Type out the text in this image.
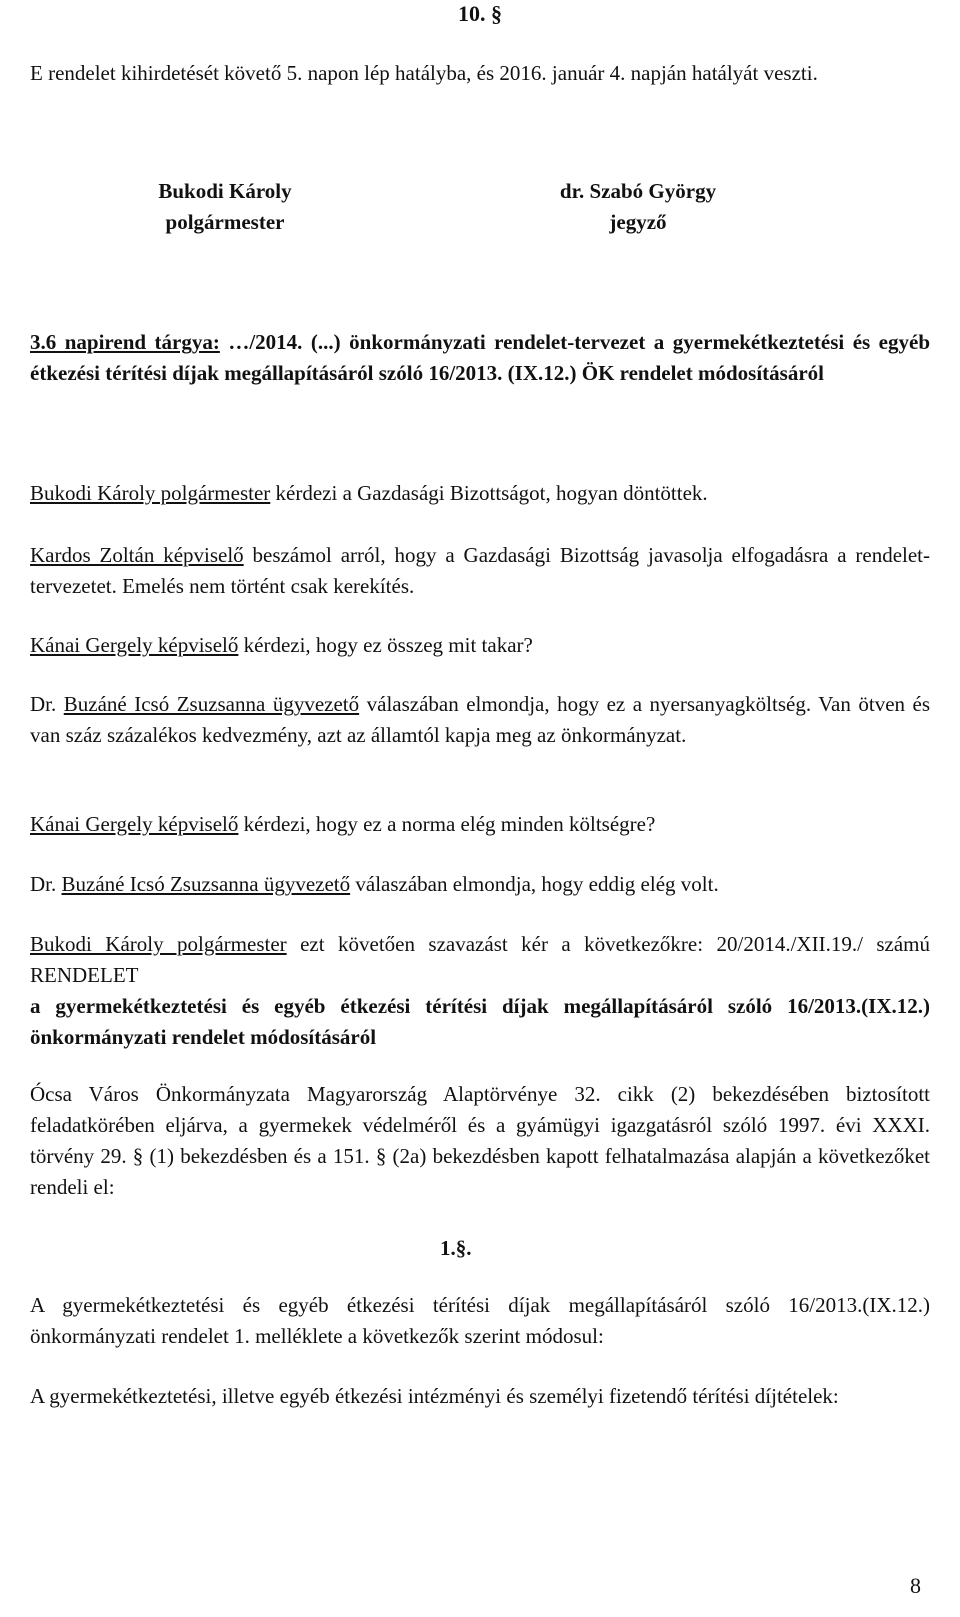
10. §
E rendelet kihirdetését követő 5. napon lép hatályba, és 2016. január 4. napján hatályát veszti.
Bukodi Károly
polgármester
dr. Szabó György
jegyző
3.6 napirend tárgya: …/2014. (...) önkormányzati rendelet-tervezet a gyermekétkeztetési és egyéb étkezési térítési díjak megállapításáról szóló 16/2013. (IX.12.) ÖK rendelet módosításáról
Bukodi Károly polgármester kérdezi a Gazdasági Bizottságot, hogyan döntöttek.
Kardos Zoltán képviselő beszámol arról, hogy a Gazdasági Bizottság javasolja elfogadásra a rendelet-tervezetet. Emelés nem történt csak kerekítés.
Kánai Gergely képviselő kérdezi, hogy ez összeg mit takar?
Dr. Buzáné Icsó Zsuzsanna ügyvezető válaszában elmondja, hogy ez a nyersanyagköltség. Van ötven és van száz százalékos kedvezmény, azt az államtól kapja meg az önkormányzat.
Kánai Gergely képviselő kérdezi, hogy ez a norma elég minden költségre?
Dr. Buzáné Icsó Zsuzsanna ügyvezető válaszában elmondja, hogy eddig elég volt.
Bukodi Károly polgármester ezt követően szavazást kér a következőkre: 20/2014./XII.19./ számú RENDELET
a gyermekétkeztetési és egyéb étkezési térítési díjak megállapításáról szóló 16/2013.(IX.12.) önkormányzati rendelet módosításáról
Ócsa Város Önkormányzata Magyarország Alaptörvénye 32. cikk (2) bekezdésében biztosított feladatkörében eljárva, a gyermekek védelméről és a gyámügyi igazgatásról szóló 1997. évi XXXI. törvény 29. § (1) bekezdésben és a 151. § (2a) bekezdésben kapott felhatalmazása alapján a következőket rendeli el:
1.§.
A gyermekétkeztetési és egyéb étkezési térítési díjak megállapításáról szóló 16/2013.(IX.12.) önkormányzati rendelet 1. melléklete a következők szerint módosul:
A gyermekétkeztetési, illetve egyéb étkezési intézményi és személyi fizetendő térítési díjtételek:
8
